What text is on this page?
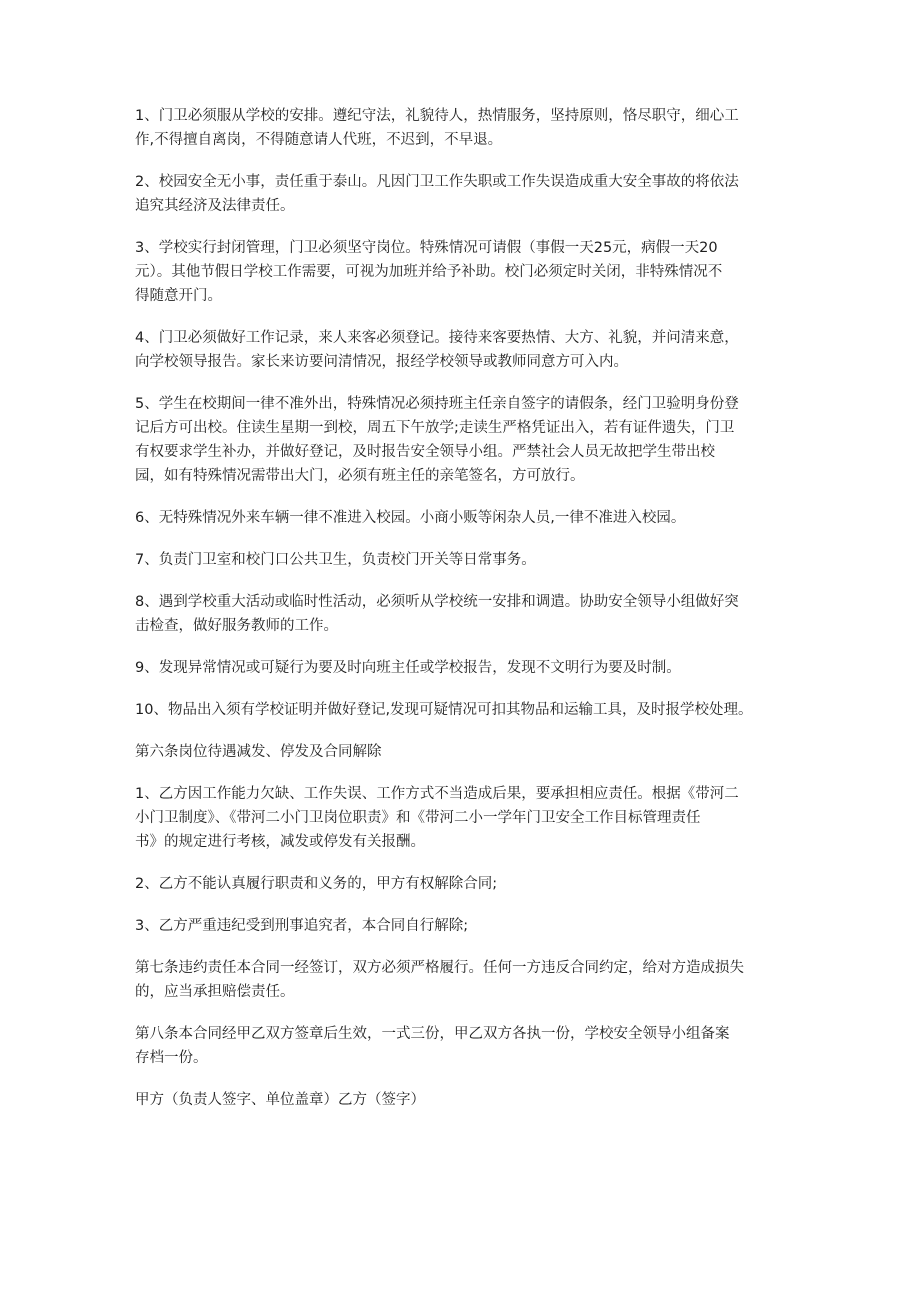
1、门卫必须服从学校的安排。遵纪守法，礼貌待人，热情服务，坚持原则，恪尽职守，细心工
作,不得擅自离岗，不得随意请人代班，不迟到，不早退。

2、校园安全无小事，责任重于泰山。凡因门卫工作失职或工作失误造成重大安全事故的将依法
追究其经济及法律责任。

3、学校实行封闭管理，门卫必须坚守岗位。特殊情况可请假（事假一天25元，病假一天20
元）。其他节假日学校工作需要，可视为加班并给予补助。校门必须定时关闭，非特殊情况不
得随意开门。

4、门卫必须做好工作记录，来人来客必须登记。接待来客要热情、大方、礼貌，并问清来意，
向学校领导报告。家长来访要问清情况，报经学校领导或教师同意方可入内。

5、学生在校期间一律不准外出，特殊情况必须持班主任亲自签字的请假条，经门卫验明身份登
记后方可出校。住读生星期一到校，周五下午放学;走读生严格凭证出入，若有证件遗失，门卫
有权要求学生补办，并做好登记，及时报告安全领导小组。严禁社会人员无故把学生带出校
园，如有特殊情况需带出大门，必须有班主任的亲笔签名，方可放行。

6、无特殊情况外来车辆一律不准进入校园。小商小贩等闲杂人员,一律不准进入校园。

7、负责门卫室和校门口公共卫生，负责校门开关等日常事务。

8、遇到学校重大活动或临时性活动，必须听从学校统一安排和调遣。协助安全领导小组做好突
击检查，做好服务教师的工作。

9、发现异常情况或可疑行为要及时向班主任或学校报告，发现不文明行为要及时制。

10、物品出入须有学校证明并做好登记,发现可疑情况可扣其物品和运输工具，及时报学校处理。

第六条岗位待遇减发、停发及合同解除

1、乙方因工作能力欠缺、工作失误、工作方式不当造成后果，要承担相应责任。根据《带河二
小门卫制度》、《带河二小门卫岗位职责》和《带河二小一学年门卫安全工作目标管理责任
书》的规定进行考核，减发或停发有关报酬。

2、乙方不能认真履行职责和义务的，甲方有权解除合同;

3、乙方严重违纪受到刑事追究者，本合同自行解除;

第七条违约责任本合同一经签订，双方必须严格履行。任何一方违反合同约定，给对方造成损失
的，应当承担赔偿责任。

第八条本合同经甲乙双方签章后生效，一式三份，甲乙双方各执一份，学校安全领导小组备案
存档一份。

甲方（负责人签字、单位盖章）乙方（签字）
